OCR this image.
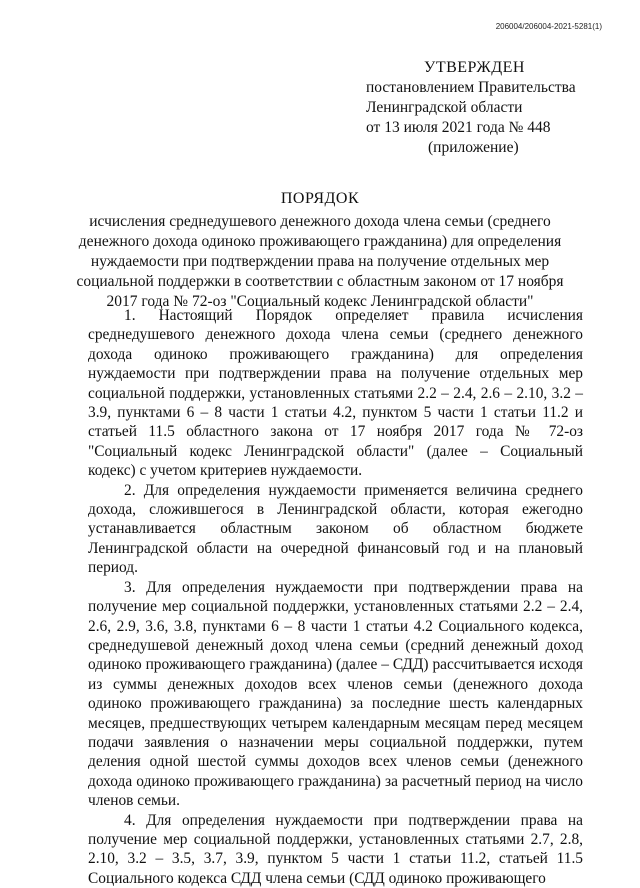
206004/206004-2021-5281(1)
УТВЕРЖДЕН
постановлением Правительства
Ленинградской области
от 13 июля 2021 года № 448
(приложение)
ПОРЯДОК
исчисления среднедушевого денежного дохода члена семьи (среднего денежного дохода одиноко проживающего гражданина) для определения нуждаемости при подтверждении права на получение отдельных мер социальной поддержки в соответствии с областным законом от 17 ноября 2017 года № 72-оз "Социальный кодекс Ленинградской области"

1. Настоящий Порядок определяет правила исчисления среднедушевого денежного дохода члена семьи (среднего денежного дохода одиноко проживающего гражданина) для определения нуждаемости при подтверждении права на получение отдельных мер социальной поддержки, установленных статьями 2.2 – 2.4, 2.6 – 2.10, 3.2 – 3.9, пунктами 6 – 8 части 1 статьи 4.2, пунктом 5 части 1 статьи 11.2 и статьей 11.5 областного закона от 17 ноября 2017 года № 72-оз "Социальный кодекс Ленинградской области" (далее – Социальный кодекс) с учетом критериев нуждаемости.

2. Для определения нуждаемости применяется величина среднего дохода, сложившегося в Ленинградской области, которая ежегодно устанавливается областным законом об областном бюджете Ленинградской области на очередной финансовый год и на плановый период.

3. Для определения нуждаемости при подтверждении права на получение мер социальной поддержки, установленных статьями 2.2 – 2.4, 2.6, 2.9, 3.6, 3.8, пунктами 6 – 8 части 1 статьи 4.2 Социального кодекса, среднедушевой денежный доход члена семьи (средний денежный доход одиноко проживающего гражданина) (далее – СДД) рассчитывается исходя из суммы денежных доходов всех членов семьи (денежного дохода одиноко проживающего гражданина) за последние шесть календарных месяцев, предшествующих четырем календарным месяцам перед месяцем подачи заявления о назначении меры социальной поддержки, путем деления одной шестой суммы доходов всех членов семьи (денежного дохода одиноко проживающего гражданина) за расчетный период на число членов семьи.

4. Для определения нуждаемости при подтверждении права на получение мер социальной поддержки, установленных статьями 2.7, 2.8, 2.10, 3.2 – 3.5, 3.7, 3.9, пунктом 5 части 1 статьи 11.2, статьей 11.5 Социального кодекса СДД члена семьи (СДД одиноко проживающего
